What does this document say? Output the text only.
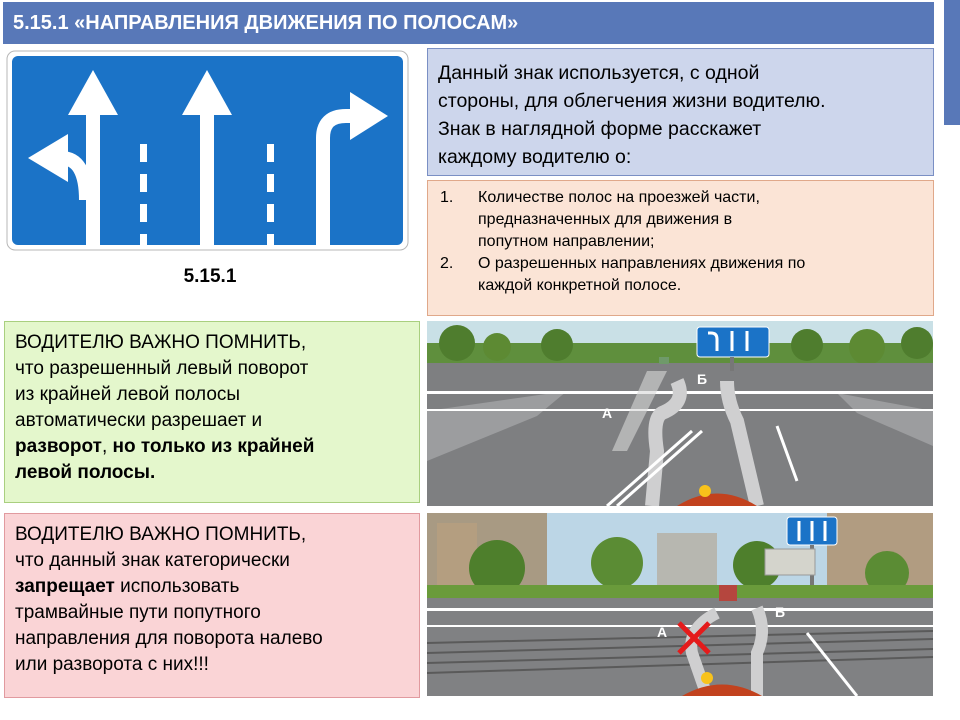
5.15.1 «НАПРАВЛЕНИЯ ДВИЖЕНИЯ ПО ПОЛОСАМ»
5.15.1
Данный знак используется, с одной
стороны, для облегчения жизни водителю.
Знак в наглядной форме расскажет
каждому водителю о:
1.	Количестве полос на проезжей части,
предназначенных для движения в
попутном направлении;
2.	О разрешенных направлениях движения по
каждой конкретной полосе.
ВОДИТЕЛЮ ВАЖНО ПОМНИТЬ,
что разрешенный левый поворот
из крайней левой полосы
автоматически разрешает и
разворот, но только из крайней
левой полосы.
ВОДИТЕЛЮ ВАЖНО ПОМНИТЬ,
что данный знак категорически
запрещает использовать
трамвайные пути попутного
направления для поворота налево
или разворота с них!!!
Б
А
Б
А
